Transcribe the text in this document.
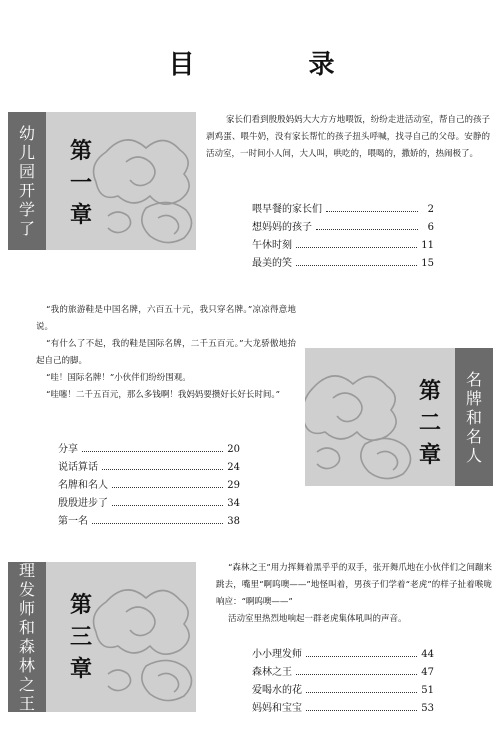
目　录
幼儿园开学了
第一章
家长们看到殷殷妈妈大大方方地喂饭，纷纷走进活动室，帮自己的孩子剥鸡蛋、喂牛奶，没有家长帮忙的孩子扭头呼喊，找寻自己的父母。安静的活动室，一时间小人间，大人叫，哄吃的，喂喝的，撒娇的，热闹极了。
喂早餐的家长们	2
想妈妈的孩子	6
午休时刻	11
最美的笑	15
“我的旅游鞋是中国名牌，六百五十元，我只穿名牌。”凉凉得意地说。
“有什么了不起，我的鞋是国际名牌，二千五百元。”大龙骄傲地抬起自己的脚。
“哇！国际名牌！”小伙伴们纷纷围观。
“哇噻！二千五百元，那么多钱啊！我妈妈要攒好长好长时间。”	第二章
名牌和名人
分享	20
说话算话	24
名牌和名人	29
殷殷进步了	34
第一名	38
理发师和森林之王
第三章
“森林之王”用力挥舞着黑乎乎的双手，张开舞爪地在小伙伴们之间蹦来跳去，嘴里“啊呜噢——”地怪叫着，男孩子们学着“老虎”的样子扯着喉咙响应：“啊呜噢——”
活动室里热烈地响起一群老虎集体吼叫的声音。
小小理发师	44
森林之王	47
爱喝水的花	51
妈妈和宝宝	53
